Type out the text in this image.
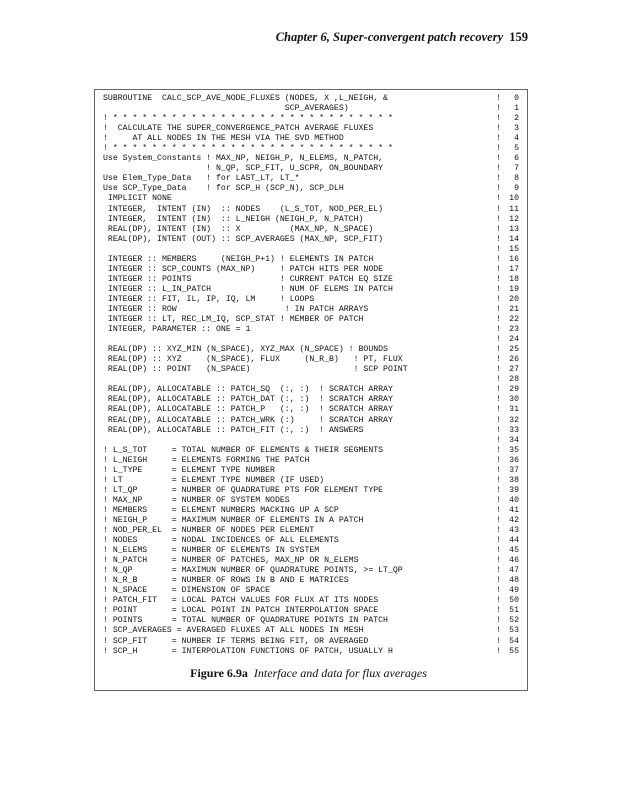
Chapter 6, Super-convergent patch recovery 159
SUBROUTINE  CALC_SCP_AVE_NODE_FLUXES (NODES, X ,L_NEIGH, &	!	0
SCP_AVERAGES)	!	1
! * * * * * * * * * * * * * * * * * * * * * * * * * * * * *	!	2
!  CALCULATE THE SUPER_CONVERGENCE_PATCH AVERAGE FLUXES	!	3
!     AT ALL NODES IN THE MESH VIA THE SVD METHOD	!	4
! * * * * * * * * * * * * * * * * * * * * * * * * * * * * *	!	5
Use System_Constants ! MAX_NP, NEIGH_P, N_ELEMS, N_PATCH,	!	6
! N_QP, SCP_FIT, U_SCPR, ON_BOUNDARY	!	7
Use Elem_Type_Data   ! for LAST_LT, LT_*	!	8
Use SCP_Type_Data    ! for SCP_H (SCP_N), SCP_DLH	!	9
IMPLICIT NONE	!	10
INTEGER,  INTENT (IN)  :: NODES    (L_S_TOT, NOD_PER_EL)	!	11
INTEGER,  INTENT (IN)  :: L_NEIGH (NEIGH_P, N_PATCH)	!	12
REAL(DP), INTENT (IN)  :: X          (MAX_NP, N_SPACE)	!	13
REAL(DP), INTENT (OUT) :: SCP_AVERAGES (MAX_NP, SCP_FIT)	!	14
!	15
INTEGER :: MEMBERS     (NEIGH_P+1) ! ELEMENTS IN PATCH	!	16
INTEGER :: SCP_COUNTS (MAX_NP)     ! PATCH HITS PER NODE	!	17
INTEGER :: POINTS                  ! CURRENT PATCH EQ SIZE	!	18
INTEGER :: L_IN_PATCH              ! NUM OF ELEMS IN PATCH	!	19
INTEGER :: FIT, IL, IP, IQ, LM     ! LOOPS	!	20
INTEGER :: ROW                      ! IN PATCH ARRAYS	!	21
INTEGER :: LT, REC_LM_IQ, SCP_STAT ! MEMBER OF PATCH	!	22
INTEGER, PARAMETER :: ONE = 1	!	23
!	24
REAL(DP) :: XYZ_MIN (N_SPACE), XYZ_MAX (N_SPACE) ! BOUNDS	!	25
REAL(DP) :: XYZ     (N_SPACE), FLUX     (N_R_B)   ! PT, FLUX	!	26
REAL(DP) :: POINT   (N_SPACE)                     ! SCP POINT	!	27
!	28
REAL(DP), ALLOCATABLE :: PATCH_SQ  (:, :)  ! SCRATCH ARRAY	!	29
REAL(DP), ALLOCATABLE :: PATCH_DAT (:, :)  ! SCRATCH ARRAY	!	30
REAL(DP), ALLOCATABLE :: PATCH_P   (:, :)  ! SCRATCH ARRAY	!	31
REAL(DP), ALLOCATABLE :: PATCH_WRK (:)     ! SCRATCH ARRAY	!	32
REAL(DP), ALLOCATABLE :: PATCH_FIT (:, :)  ! ANSWERS	!	33
!	34
! L_S_TOT     = TOTAL NUMBER OF ELEMENTS & THEIR SEGMENTS	!	35
! L_NEIGH     = ELEMENTS FORMING THE PATCH	!	36
! L_TYPE      = ELEMENT TYPE NUMBER	!	37
! LT          = ELEMENT TYPE NUMBER (IF USED)	!	38
! LT_QP       = NUMBER OF QUADRATURE PTS FOR ELEMENT TYPE	!	39
! MAX_NP      = NUMBER OF SYSTEM NODES	!	40
! MEMBERS     = ELEMENT NUMBERS MACKING UP A SCP	!	41
! NEIGH_P     = MAXIMUM NUMBER OF ELEMENTS IN A PATCH	!	42
! NOD_PER_EL  = NUMBER OF NODES PER ELEMENT	!	43
! NODES       = NODAL INCIDENCES OF ALL ELEMENTS	!	44
! N_ELEMS     = NUMBER OF ELEMENTS IN SYSTEM	!	45
! N_PATCH     = NUMBER OF PATCHES, MAX_NP OR N_ELEMS	!	46
! N_QP        = MAXIMUN NUMBER OF QUADRATURE POINTS, >= LT_QP	!	47
! N_R_B       = NUMBER OF ROWS IN B AND E MATRICES	!	48
! N_SPACE     = DIMENSION OF SPACE	!	49
! PATCH_FIT   = LOCAL PATCH VALUES FOR FLUX AT ITS NODES	!	50
! POINT       = LOCAL POINT IN PATCH INTERPOLATION SPACE	!	51
! POINTS      = TOTAL NUMBER OF QUADRATURE POINTS IN PATCH	!	52
! SCP_AVERAGES = AVERAGED FLUXES AT ALL NODES IN MESH	!	53
! SCP_FIT     = NUMBER IF TERMS BEING FIT, OR AVERAGED	!	54
! SCP_H       = INTERPOLATION FUNCTIONS OF PATCH, USUALLY H	!	55
Figure 6.9a Interface and data for flux averages
